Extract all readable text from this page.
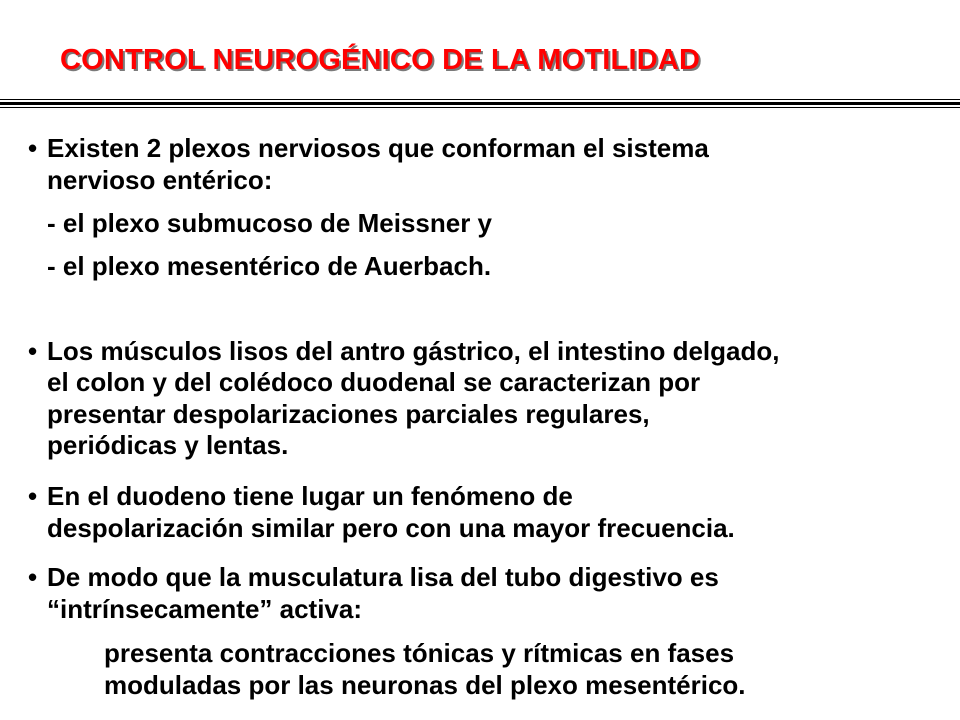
CONTROL NEUROGÉNICO DE LA MOTILIDAD
• Existen 2 plexos nerviosos que conforman el sistema
nervioso entérico:
- el plexo submucoso de Meissner y
- el plexo mesentérico de Auerbach.
• Los músculos lisos del antro gástrico, el intestino delgado,
el colon y del colédoco duodenal se caracterizan por
presentar despolarizaciones parciales regulares,
periódicas y lentas.
• En el duodeno tiene lugar un fenómeno de
despolarización similar pero con una mayor frecuencia.
• De modo que la musculatura lisa del tubo digestivo es
“intrínsecamente” activa:
presenta contracciones tónicas y rítmicas en fases
moduladas por las neuronas del plexo mesentérico.
